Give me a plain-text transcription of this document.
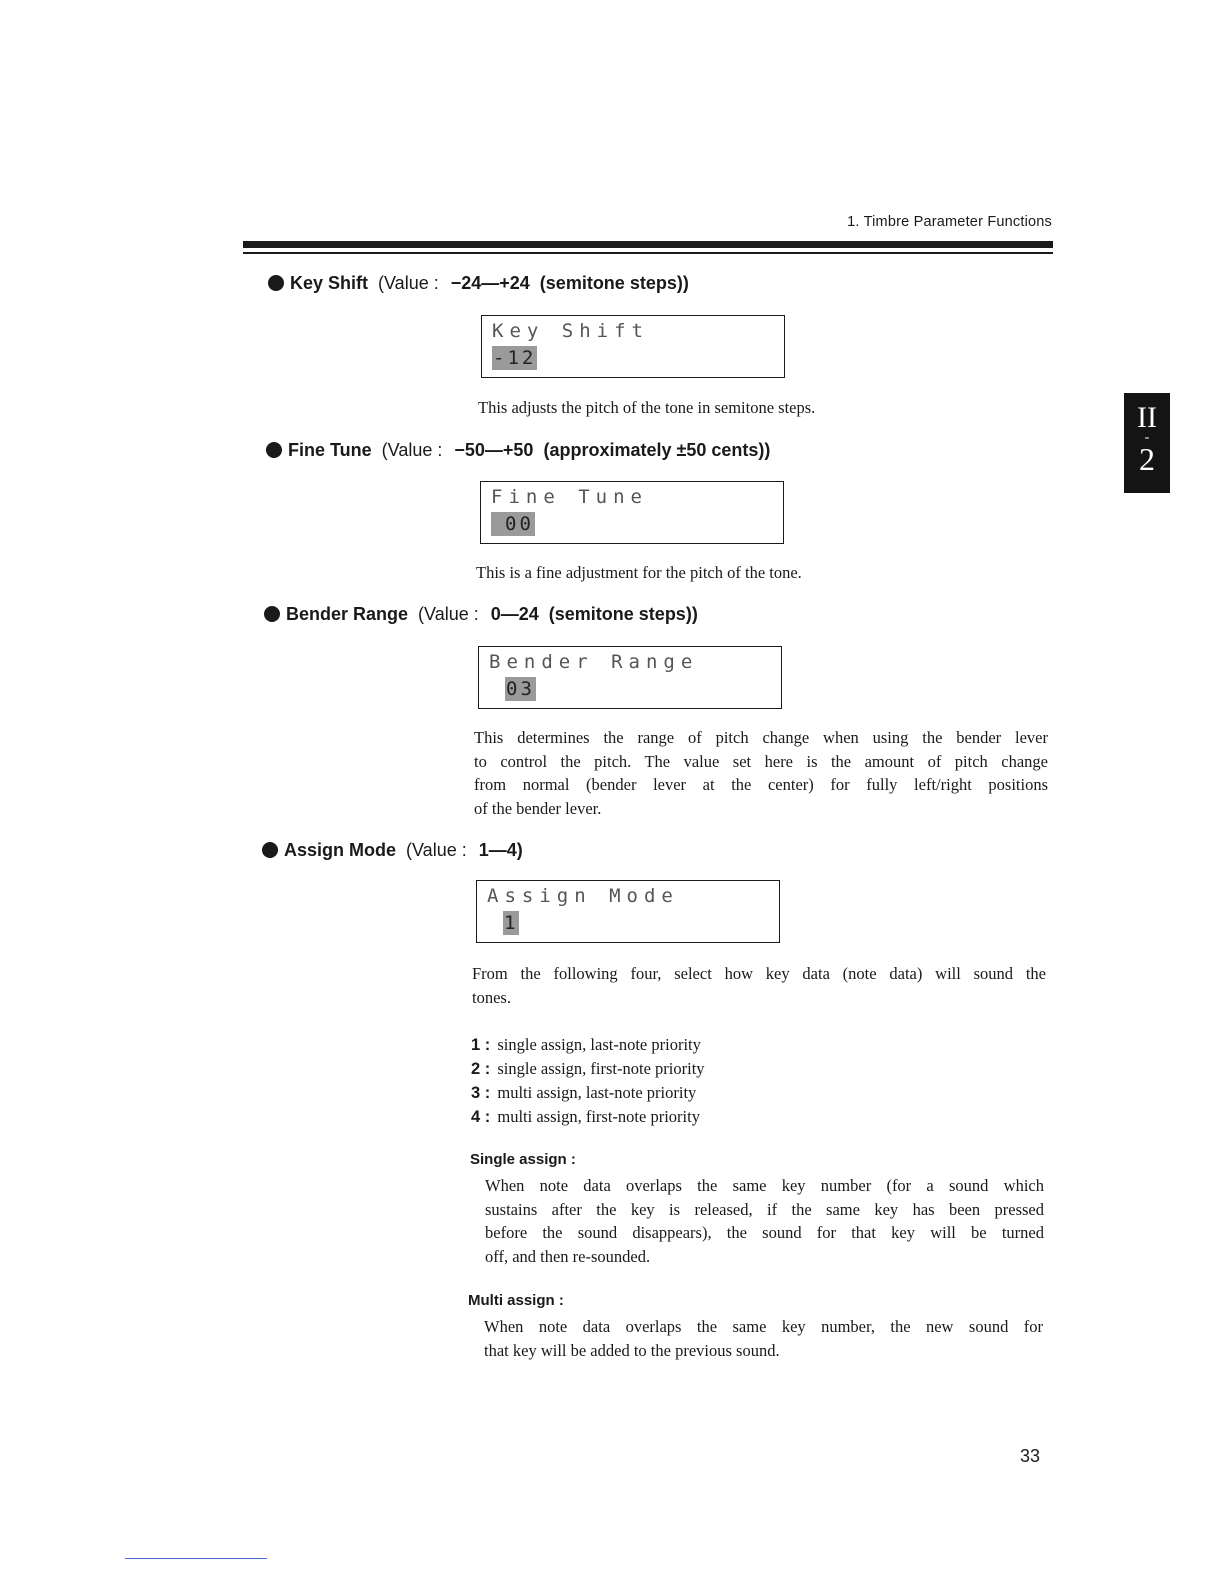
1. Timbre Parameter Functions
II
-
2
Key Shift (Value : −24—+24 (semitone steps))
Key Shift
-12
This adjusts the pitch of the tone in semitone steps.
Fine Tune (Value : −50—+50 (approximately ±50 cents))
Fine Tune
00
This is a fine adjustment for the pitch of the tone.
Bender Range (Value : 0—24 (semitone steps))
Bender Range
03
This determines the range of pitch change when using the bender lever
to control the pitch. The value set here is the amount of pitch change
from normal (bender lever at the center) for fully left/right positions
of the bender lever.
Assign Mode (Value : 1—4)
Assign Mode
1
From the following four, select how key data (note data) will sound the
tones.
1 : single assign, last-note priority
2 : single assign, first-note priority
3 : multi assign, last-note priority
4 : multi assign, first-note priority
Single assign :
When note data overlaps the same key number (for a sound which
sustains after the key is released, if the same key has been pressed
before the sound disappears), the sound for that key will be turned
off, and then re-sounded.
Multi assign :
When note data overlaps the same key number, the new sound for
that key will be added to the previous sound.
33
